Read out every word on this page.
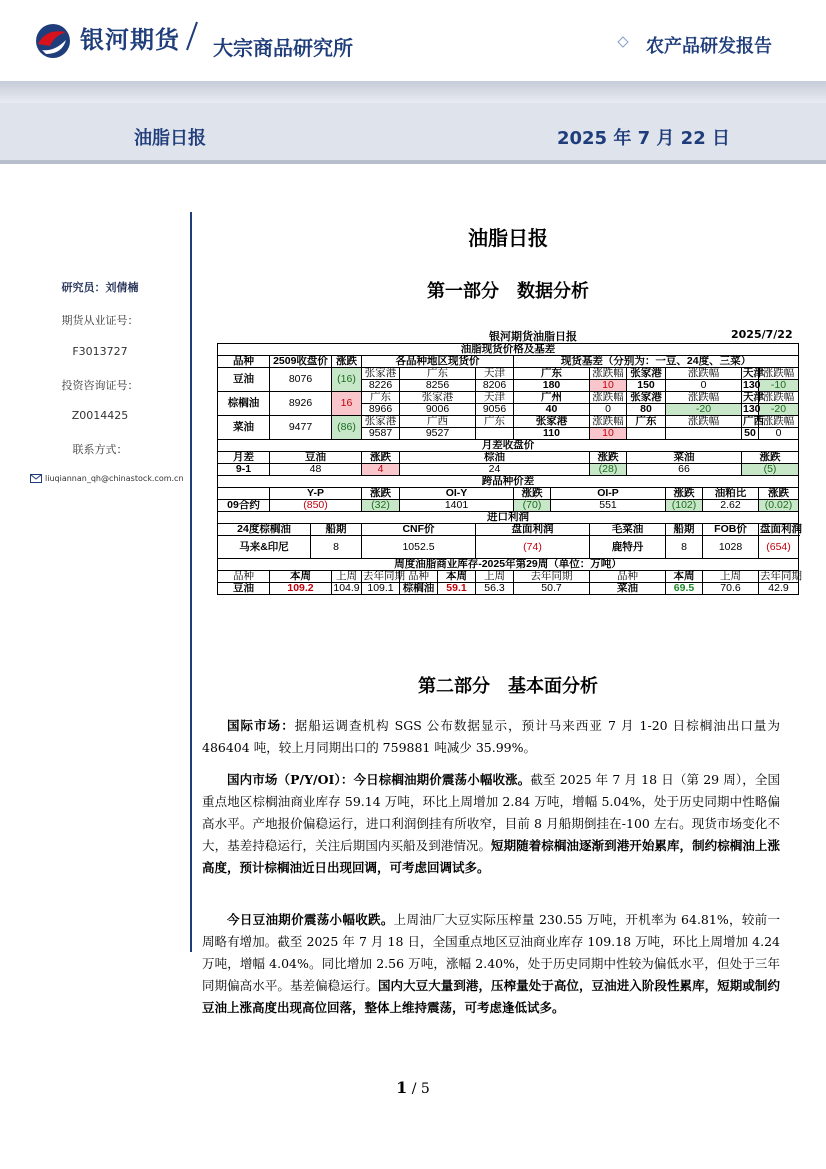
银河期货 大宗商品研究所	农产品研发报告
油脂日报	2025 年 7 月 22 日
研究员：刘倩楠
期货从业证号：
F3013727
投资咨询证号：
Z0014425
联系方式：
liuqiannan_qh@chinastock.com.cn
油脂日报
第一部分　数据分析
银河期货油脂日报	2025/7/22
油脂现货价格及基差															
品种	2509收盘价		涨跌	各品种地区现货价				现货基差（分别为：一豆、24度、三菜）							
豆油	8076		(16)	张家港	广东		天津	广东		涨跌幅	张家港	涨跌幅		天津	涨跌幅
				8226	8256		8206	180		10	150	0		130	-10
棕榈油	8926		16	广东	张家港		天津	广州		涨跌幅	张家港	涨跌幅		天津	涨跌幅
				8966	9006		9056	40		0	80	-20		130	-20
菜油	9477		(86)	张家港	广西		广东	张家港		涨跌幅	广东	涨跌幅		广西	涨跌幅
				9587	9527			110		10				50	0
月差收盘价															
月差	豆油			涨跌	棕油					涨跌	菜油			涨跌	
9-1	48			4	24					(28)	66			(5)	
跨品种价差															
	Y-P			涨跌	OI-Y			涨跌	OI-P			涨跌	油粕比		涨跌
09合约	(850)			(32)	1401			(70)	551			(102)	2.62		(0.02)
进口利润															
24度棕榈油		船期		CNF价			盘面利润			毛菜油		船期	FOB价		盘面利润
马来&印尼		8		1052.5			(74)			鹿特丹		8	1028		(654)
周度油脂商业库存-2025年第29周（单位：万吨）															
品种	本周		上周	去年同期	品种	本周	上周	去年同期		品种		本周	上周		去年同期
豆油	109.2		104.9	109.1	棕榈油	59.1	56.3	50.7		菜油		69.5	70.6		42.9
第二部分　基本面分析
国际市场：据船运调查机构 SGS 公布数据显示，预计马来西亚 7 月 1-20 日棕榈油出口量为 486404 吨，较上月同期出口的 759881 吨减少 35.99%。
国内市场（P/Y/OI）：今日棕榈油期价震荡小幅收涨。截至 2025 年 7 月 18 日（第 29 周），全国重点地区棕榈油商业库存 59.14 万吨，环比上周增加 2.84 万吨，增幅 5.04%，处于历史同期中性略偏高水平。产地报价偏稳运行，进口利润倒挂有所收窄，目前 8 月船期倒挂在-100 左右。现货市场变化不大，基差持稳运行，关注后期国内买船及到港情况。短期随着棕榈油逐渐到港开始累库，制约棕榈油上涨高度，预计棕榈油近日出现回调，可考虑回调试多。
今日豆油期价震荡小幅收跌。上周油厂大豆实际压榨量 230.55 万吨，开机率为 64.81%，较前一周略有增加。截至 2025 年 7 月 18 日，全国重点地区豆油商业库存 109.18 万吨，环比上周增加 4.24 万吨，增幅 4.04%。同比增加 2.56 万吨，涨幅 2.40%，处于历史同期中性较为偏低水平，但处于三年同期偏高水平。基差偏稳运行。国内大豆大量到港，压榨量处于高位，豆油进入阶段性累库，短期或制约豆油上涨高度出现高位回落，整体上维持震荡，可考虑逢低试多。
1 / 5
